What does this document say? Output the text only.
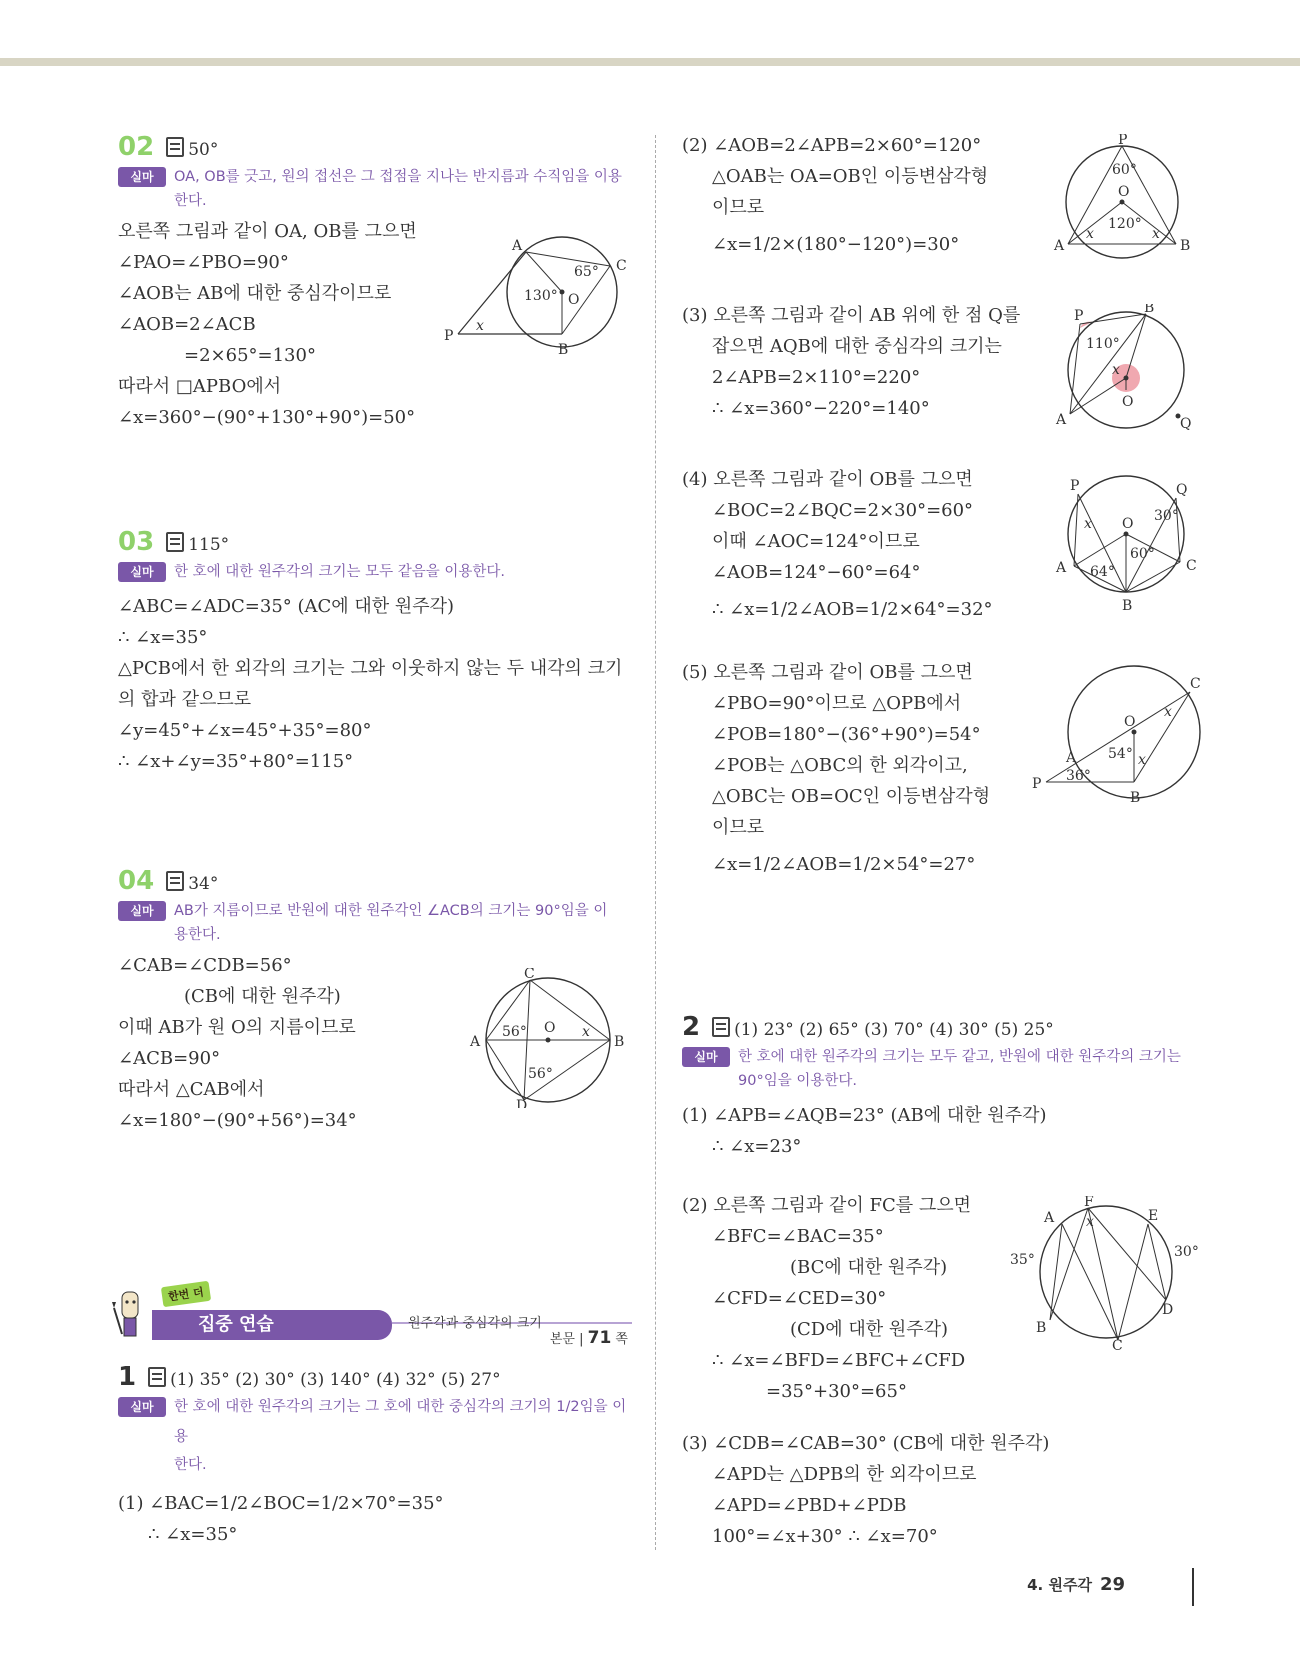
02 50°
실마	OA, OB를 긋고, 원의 접선은 그 접점을 지나는 반지름과 수직임을 이용
한다.
오른쪽 그림과 같이 OA, OB를 그으면
∠PAO=∠PBO=90°
∠AOB는 AB에 대한 중심각이므로
∠AOB=2∠ACB
=2×65°=130°
따라서 □APBO에서
∠x=360°−(90°+130°+90°)=50°
A
C
P
B
O
x
130°
65°
03 115°
실마	한 호에 대한 원주각의 크기는 모두 같음을 이용한다.
∠ABC=∠ADC=35° (AC에 대한 원주각)
∴ ∠x=35°
△PCB에서 한 외각의 크기는 그와 이웃하지 않는 두 내각의 크기
의 합과 같으므로
∠y=45°+∠x=45°+35°=80°
∴ ∠x+∠y=35°+80°=115°
04 34°
실마	AB가 지름이므로 반원에 대한 원주각인 ∠ACB의 크기는 90°임을 이
용한다.
∠CAB=∠CDB=56°
(CB에 대한 원주각)
이때 AB가 원 O의 지름이므로
∠ACB=90°
따라서 △CAB에서
∠x=180°−(90°+56°)=34°
A	B
C
D
O x
56°
56°
한번 더
집중 연습	원주각과 중심각의 크기
본문 | 71 쪽
1 (1) 35° (2) 30° (3) 140° (4) 32° (5) 27°
실마	한 호에 대한 원주각의 크기는 그 호에 대한 중심각의 크기의 1/2임을 이용
한다.
(1) ∠BAC=1/2∠BOC=1/2×70°=35°
∴ ∠x=35°
(2) ∠AOB=2∠APB=2×60°=120°
△OAB는 OA=OB인 이등변삼각형
이므로
∠x=1/2×(180°−120°)=30°
P
A	B
O
60°
120°
x	x
(3) 오른쪽 그림과 같이 AB 위에 한 점 Q를
잡으면 AQB에 대한 중심각의 크기는
2∠APB=2×110°=220°
∴ ∠x=360°−220°=140°
P	B
A	Q
O
x
110°
(4) 오른쪽 그림과 같이 OB를 그으면
∠BOC=2∠BQC=2×30°=60°
이때 ∠AOC=124°이므로
∠AOB=124°−60°=64°
∴ ∠x=1/2∠AOB=1/2×64°=32°
P	Q
A	C
B
O
x	30°
60°
64°
(5) 오른쪽 그림과 같이 OB를 그으면
∠PBO=90°이므로 △OPB에서
∠POB=180°−(36°+90°)=54°
∠POB는 △OBC의 한 외각이고,
△OBC는 OB=OC인 이등변삼각형
이므로
∠x=1/2∠AOB=1/2×54°=27°
C
A
P
B
O
x
x
54°
36°
2 (1) 23° (2) 65° (3) 70° (4) 30° (5) 25°
실마	한 호에 대한 원주각의 크기는 모두 같고, 반원에 대한 원주각의 크기는
90°임을 이용한다.
(1) ∠APB=∠AQB=23° (AB에 대한 원주각)
∴ ∠x=23°
(2) 오른쪽 그림과 같이 FC를 그으면
∠BFC=∠BAC=35°
(BC에 대한 원주각)
∠CFD=∠CED=30°
(CD에 대한 원주각)
∴ ∠x=∠BFD=∠BFC+∠CFD
=35°+30°=65°
F
A	E
D
B
C
x
35°	30°
(3) ∠CDB=∠CAB=30° (CB에 대한 원주각)
∠APD는 △DPB의 한 외각이므로
∠APD=∠PBD+∠PDB
100°=∠x+30° ∴ ∠x=70°
4. 원주각 29
